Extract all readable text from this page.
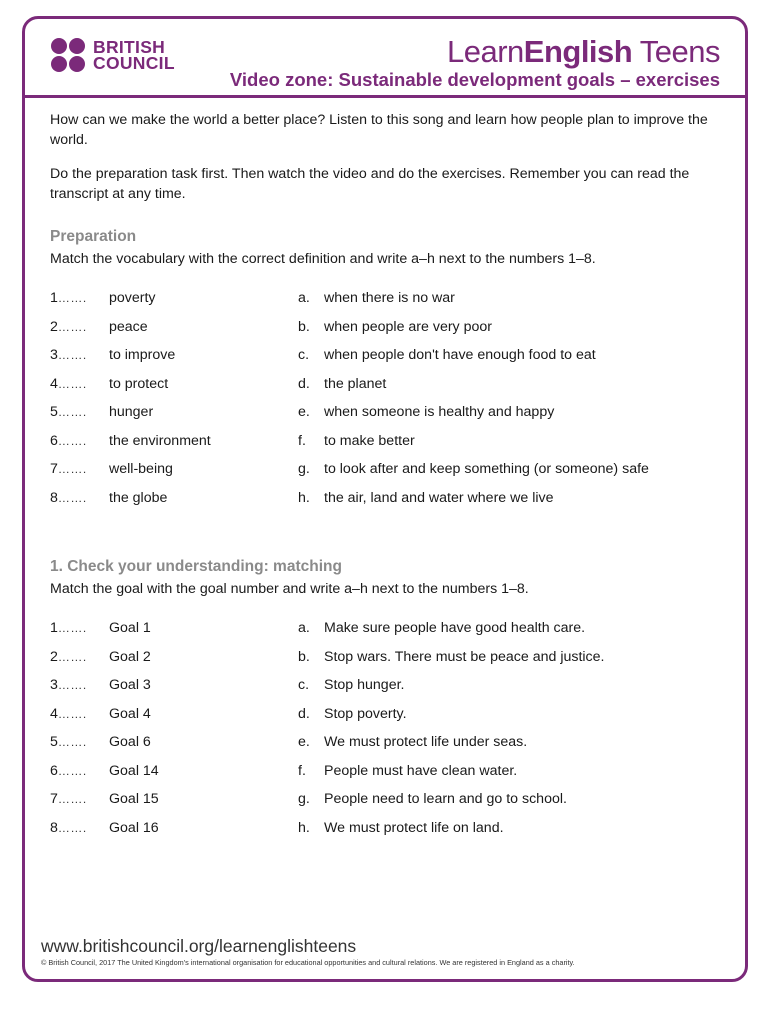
BRITISH
COUNCIL	LearnEnglish Teens
Video zone: Sustainable development goals – exercises

How can we make the world a better place? Listen to this song and learn how people plan to improve the world.

Do the preparation task first. Then watch the video and do the exercises. Remember you can read the transcript at any time.

Preparation
Match the vocabulary with the correct definition and write a–h next to the numbers 1–8.
1…….	poverty	a. when there is no war
2…….	peace	b. when people are very poor
3…….	to improve	c. when people don't have enough food to eat
4…….	to protect	d. the planet
5…….	hunger	e. when someone is healthy and happy
6…….	the environment	f. to make better
7…….	well-being	g. to look after and keep something (or someone) safe
8…….	the globe	h. the air, land and water where we live
1. Check your understanding: matching
Match the goal with the goal number and write a–h next to the numbers 1–8.
1…….	Goal 1	a. Make sure people have good health care.
2…….	Goal 2	b. Stop wars. There must be peace and justice.
3…….	Goal 3	c. Stop hunger.
4…….	Goal 4	d. Stop poverty.
5…….	Goal 6	e. We must protect life under seas.
6…….	Goal 14	f. People must have clean water.
7…….	Goal 15	g. People need to learn and go to school.
8…….	Goal 16	h. We must protect life on land.
www.britishcouncil.org/learnenglishteens
© British Council, 2017 The United Kingdom's international organisation for educational opportunities and cultural relations. We are registered in England as a charity.
